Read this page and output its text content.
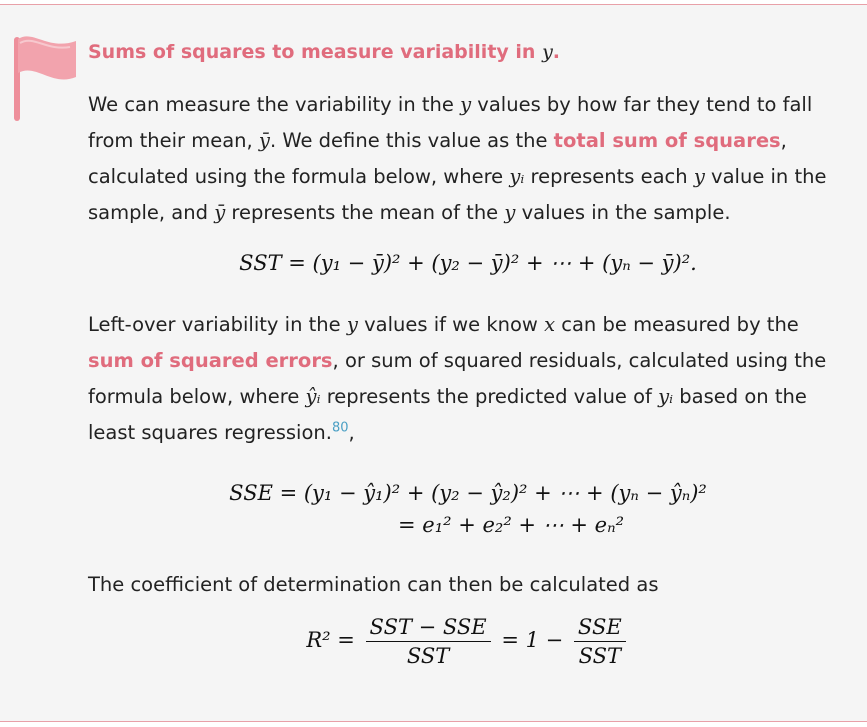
Sums of squares to measure variability in y.

We can measure the variability in the y values by how far they tend to fall from their mean, ȳ. We define this value as the total sum of squares, calculated using the formula below, where yᵢ represents each y value in the sample, and ȳ represents the mean of the y values in the sample.

SST = (y₁ − ȳ)² + (y₂ − ȳ)² + ⋯ + (yₙ − ȳ)².

Left-over variability in the y values if we know x can be measured by the sum of squared errors, or sum of squared residuals, calculated using the formula below, where ŷᵢ represents the predicted value of yᵢ based on the least squares regression.$^{80}$,

SSE = (y₁ − ŷ₁)² + (y₂ − ŷ₂)² + ⋯ + (yₙ − ŷₙ)²
= e₁² + e₂² + ⋯ + eₙ²

The coefficient of determination can then be calculated as

$R^2 = \frac{\text{SST − SSE}}{\text{SST}} = 1 - \frac{\text{SSE}}{\text{SST}}$
